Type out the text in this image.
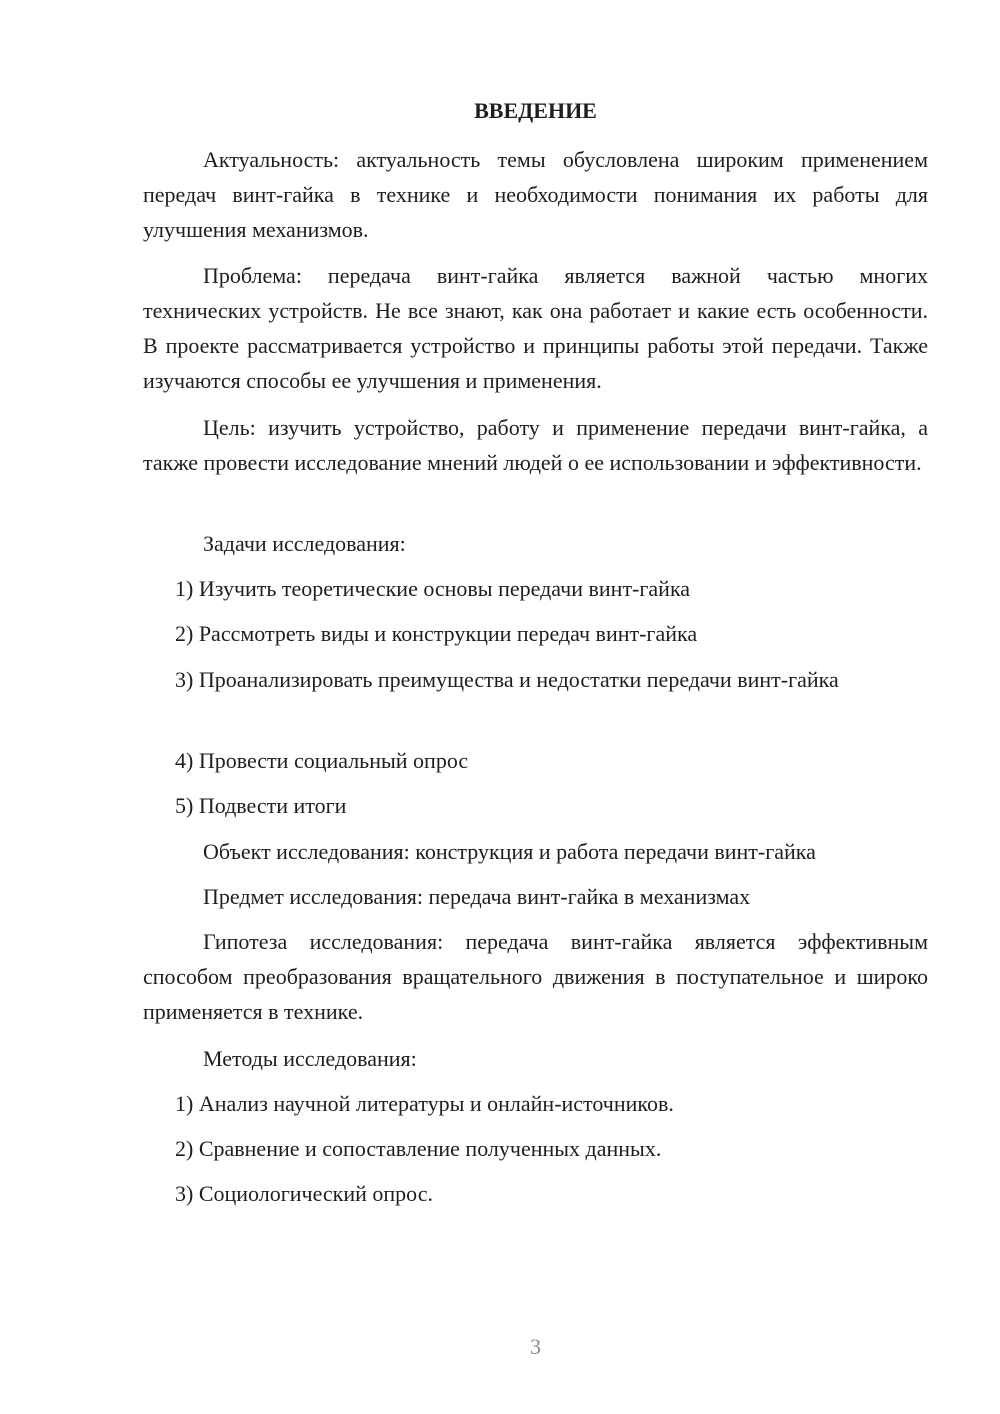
ВВЕДЕНИЕ

Актуальность: актуальность темы обусловлена широким применением передач винт-гайка в технике и необходимости понимания их работы для улучшения механизмов.

Проблема: передача винт-гайка является важной частью многих технических устройств. Не все знают, как она работает и какие есть особенности. В проекте рассматривается устройство и принципы работы этой передачи. Также изучаются способы ее улучшения и применения.

Цель: изучить устройство, работу и применение передачи винт-гайка, а также провести исследование мнений людей о ее использовании и эффективности.

Задачи исследования:

1) Изучить теоретические основы передачи винт-гайка

2) Рассмотреть виды и конструкции передач винт-гайка

3) Проанализировать преимущества и недостатки передачи винт-гайка

4) Провести социальный опрос

5) Подвести итоги

Объект исследования: конструкция и работа передачи винт-гайка

Предмет исследования: передача винт-гайка в механизмах

Гипотеза исследования: передача винт-гайка является эффективным способом преобразования вращательного движения в поступательное и широко применяется в технике.

Методы исследования:

1) Анализ научной литературы и онлайн-источников.

2) Сравнение и сопоставление полученных данных.

3) Социологический опрос.

3
